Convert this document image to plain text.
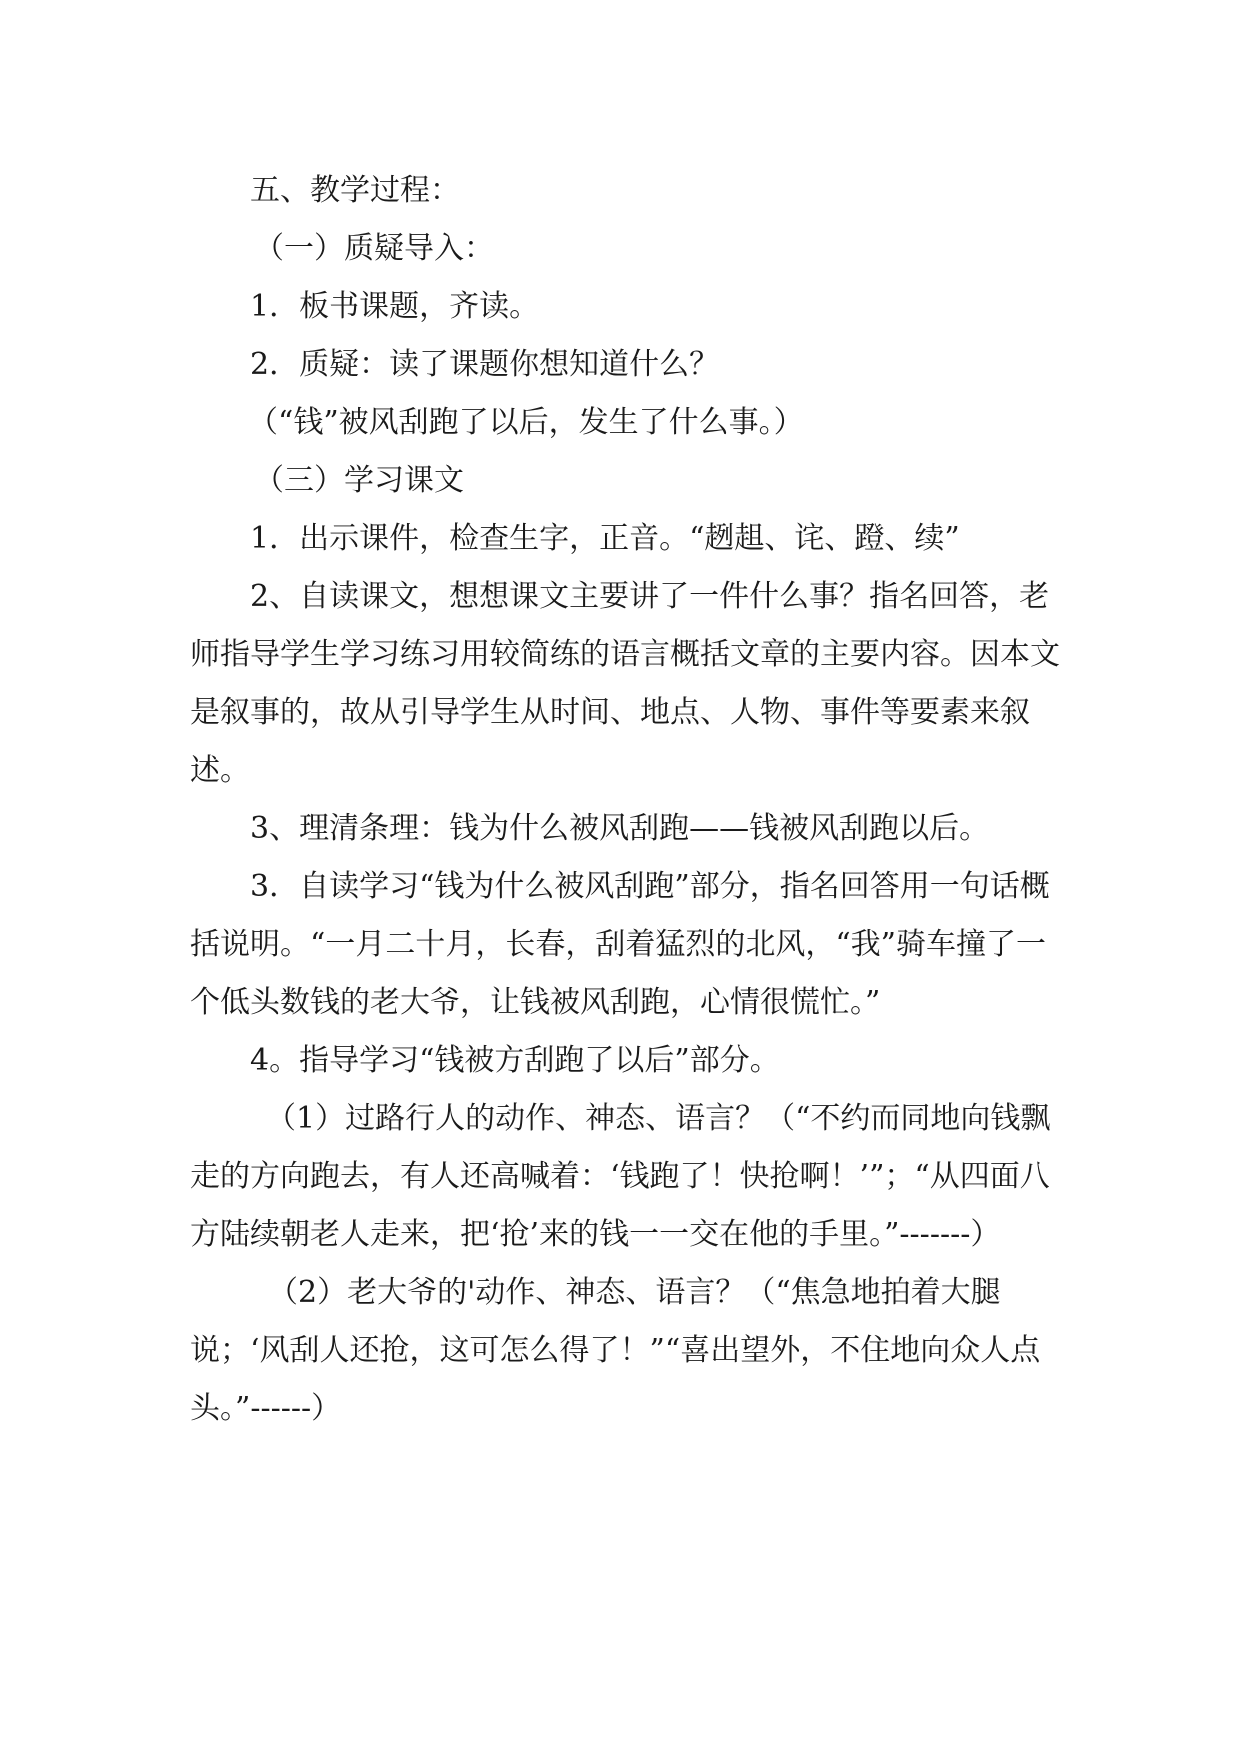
五、教学过程：

（一）质疑导入：

1．板书课题，齐读。

2．质疑：读了课题你想知道什么？

（“钱”被风刮跑了以后，发生了什么事。）

（三）学习课文

1．出示课件，检查生字，正音。“趔趄、诧、蹬、续”

2、自读课文，想想课文主要讲了一件什么事？指名回答，老师指导学生学习练习用较简练的语言概括文章的主要内容。因本文是叙事的，故从引导学生从时间、地点、人物、事件等要素来叙述。

3、理清条理：钱为什么被风刮跑——钱被风刮跑以后。

3．自读学习“钱为什么被风刮跑”部分，指名回答用一句话概括说明。“一月二十月，长春，刮着猛烈的北风，“我”骑车撞了一个低头数钱的老大爷，让钱被风刮跑，心情很慌忙。”

4。指导学习“钱被方刮跑了以后”部分。

（1）过路行人的动作、神态、语言？（“不约而同地向钱飘走的方向跑去，有人还高喊着：‘钱跑了！快抢啊！’”；“从四面八方陆续朝老人走来，把‘抢’来的钱一一交在他的手里。”-------）

（2）老大爷的'动作、神态、语言？（“焦急地拍着大腿说；‘风刮人还抢，这可怎么得了！”“喜出望外，不住地向众人点头。”------）
